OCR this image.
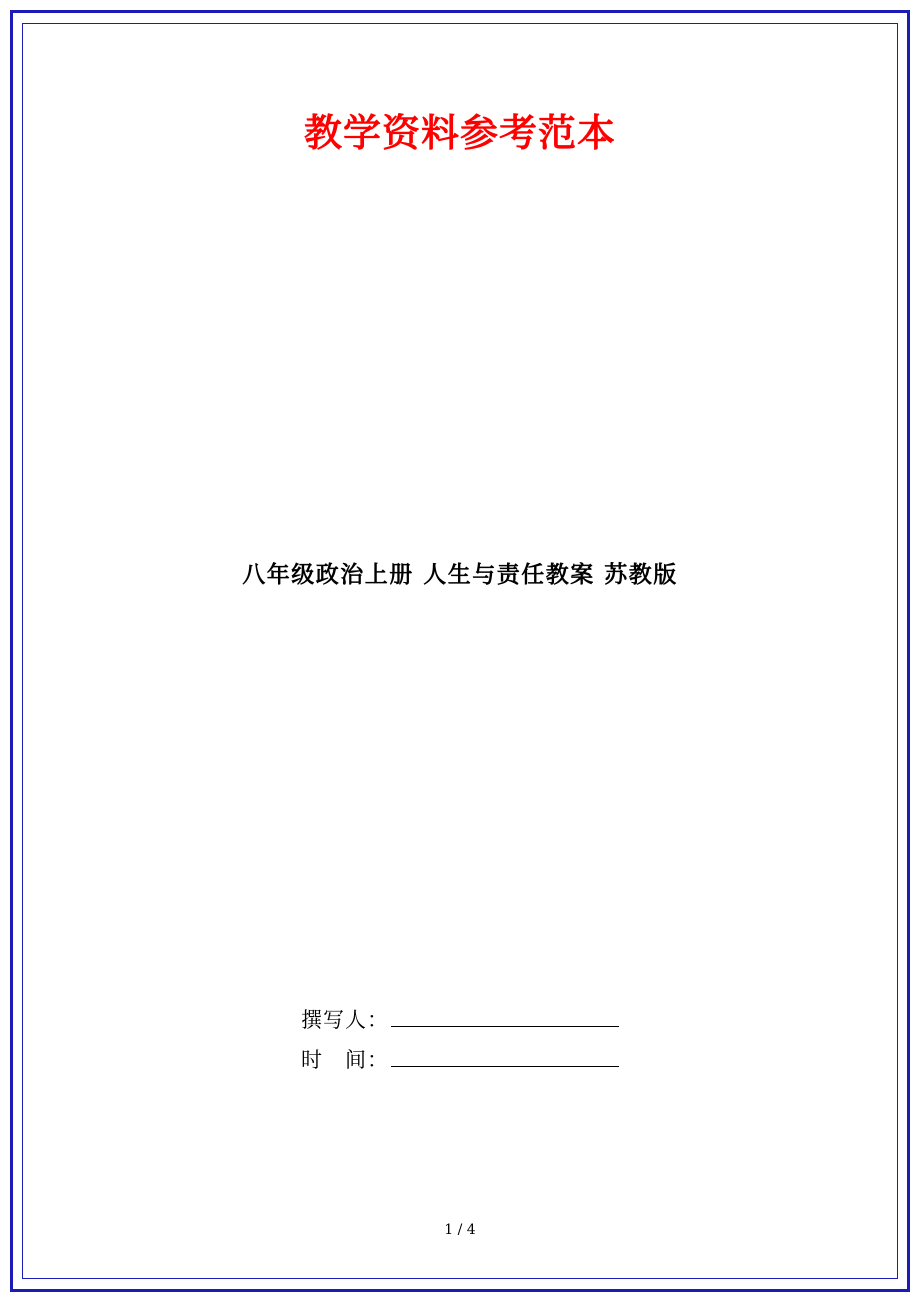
教学资料参考范本
八年级政治上册 人生与责任教案 苏教版
撰写人：
时　间：
1 / 4
